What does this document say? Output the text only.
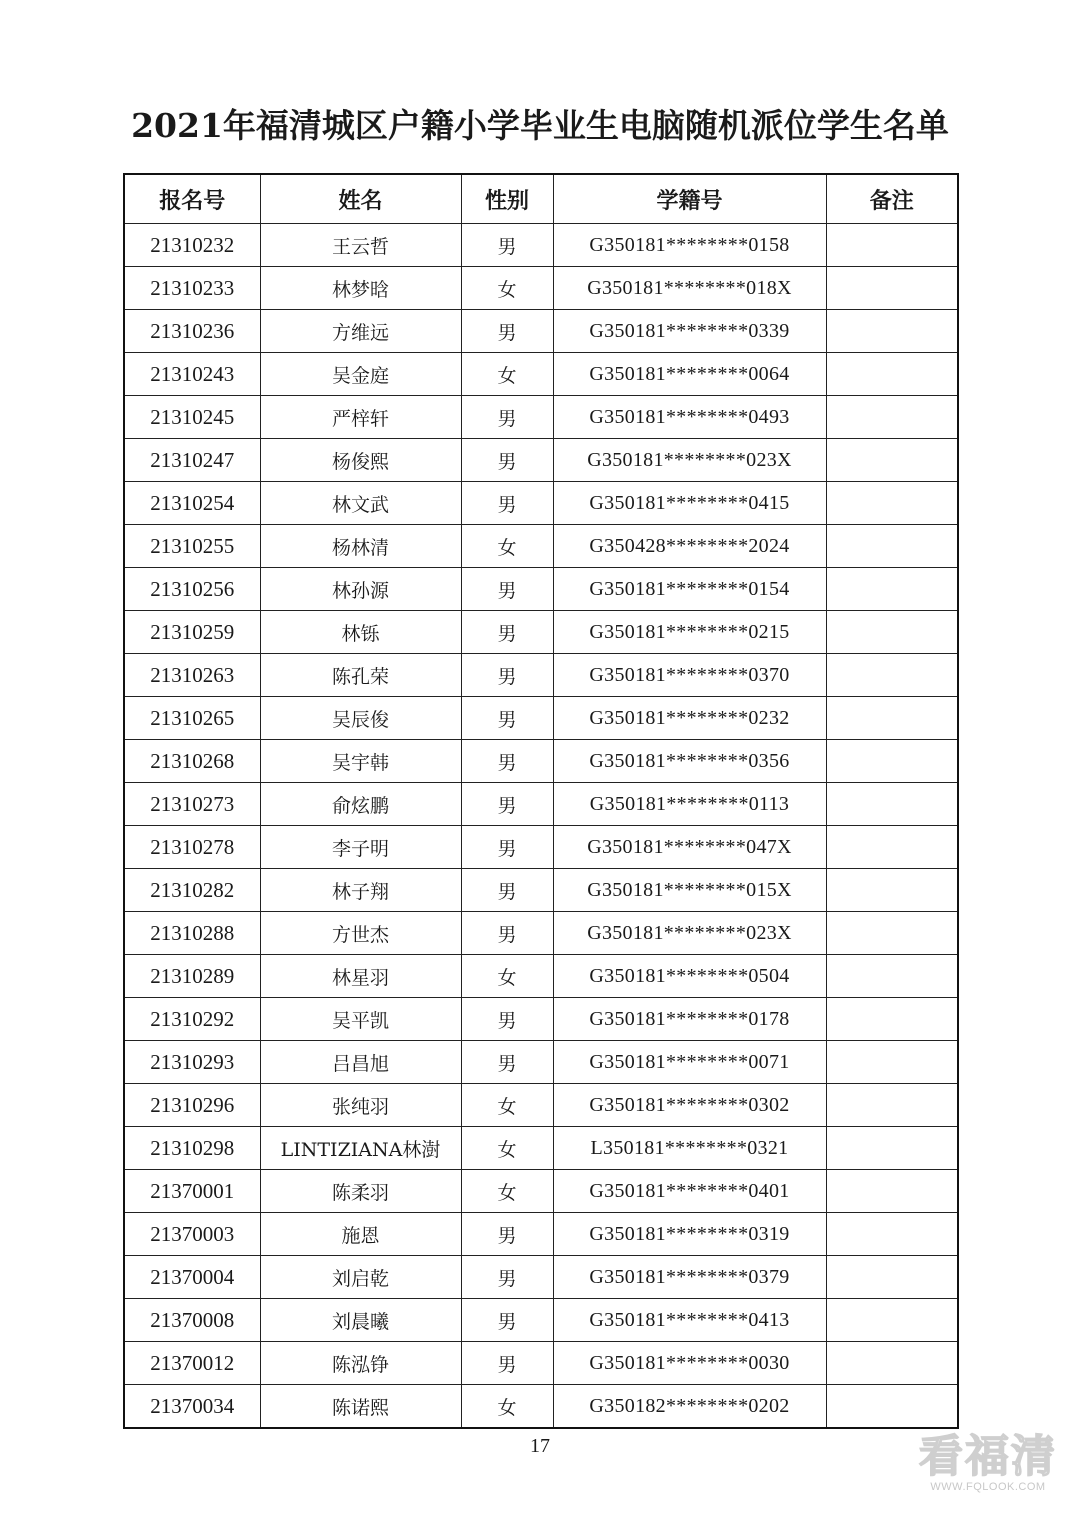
2021年福清城区户籍小学毕业生电脑随机派位学生名单
报名号	姓名	性别	学籍号	备注
21310232	王云哲	男	G350181********0158	
21310233	林梦晗	女	G350181********018X	
21310236	方维远	男	G350181********0339	
21310243	吴金庭	女	G350181********0064	
21310245	严梓轩	男	G350181********0493	
21310247	杨俊熙	男	G350181********023X	
21310254	林文武	男	G350181********0415	
21310255	杨林清	女	G350428********2024	
21310256	林孙源	男	G350181********0154	
21310259	林铄	男	G350181********0215	
21310263	陈孔荣	男	G350181********0370	
21310265	吴辰俊	男	G350181********0232	
21310268	吴宇韩	男	G350181********0356	
21310273	俞炫鹏	男	G350181********0113	
21310278	李子明	男	G350181********047X	
21310282	林子翔	男	G350181********015X	
21310288	方世杰	男	G350181********023X	
21310289	林星羽	女	G350181********0504	
21310292	吴平凯	男	G350181********0178	
21310293	吕昌旭	男	G350181********0071	
21310296	张纯羽	女	G350181********0302	
21310298	LINTIZIANA林澍	女	L350181********0321	
21370001	陈柔羽	女	G350181********0401	
21370003	施恩	男	G350181********0319	
21370004	刘启乾	男	G350181********0379	
21370008	刘晨曦	男	G350181********0413	
21370012	陈泓铮	男	G350181********0030	
21370034	陈诺熙	女	G350182********0202	
17	看福清
WWW.FQLOOK.COM
